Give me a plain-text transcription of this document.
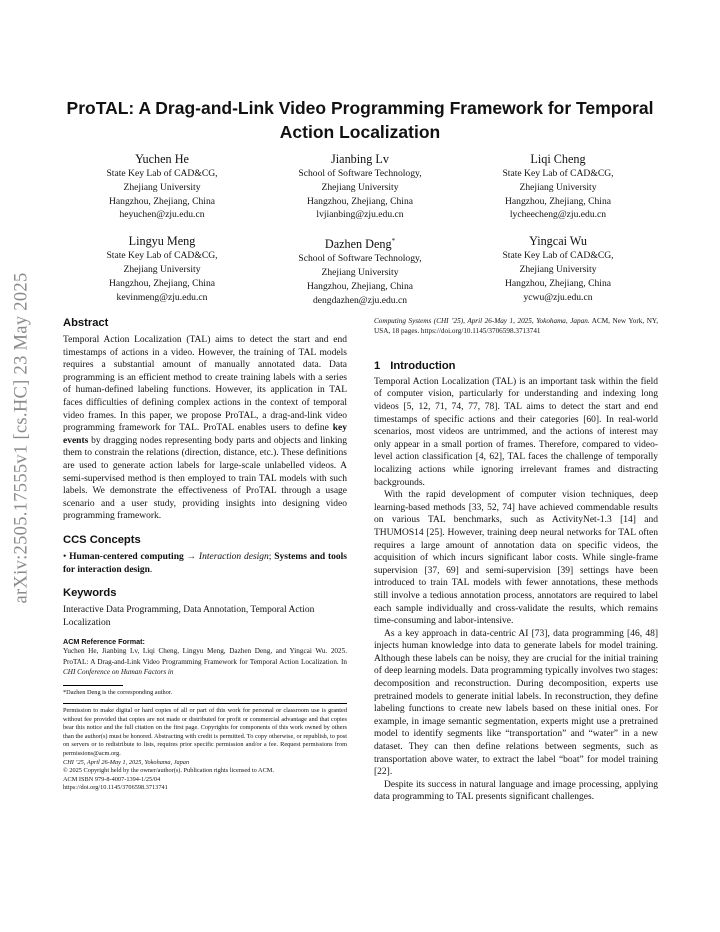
arXiv:2505.17555v1 [cs.HC] 23 May 2025
ProTAL: A Drag-and-Link Video Programming Framework for Temporal Action Localization
Yuchen He
State Key Lab of CAD&CG,
Zhejiang University
Hangzhou, Zhejiang, China
heyuchen@zju.edu.cn
Jianbing Lv
School of Software Technology,
Zhejiang University
Hangzhou, Zhejiang, China
lvjianbing@zju.edu.cn
Liqi Cheng
State Key Lab of CAD&CG,
Zhejiang University
Hangzhou, Zhejiang, China
lycheecheng@zju.edu.cn
Lingyu Meng
State Key Lab of CAD&CG,
Zhejiang University
Hangzhou, Zhejiang, China
kevinmeng@zju.edu.cn
Dazhen Deng*
School of Software Technology,
Zhejiang University
Hangzhou, Zhejiang, China
dengdazhen@zju.edu.cn
Yingcai Wu
State Key Lab of CAD&CG,
Zhejiang University
Hangzhou, Zhejiang, China
ycwu@zju.edu.cn
Abstract

Temporal Action Localization (TAL) aims to detect the start and end timestamps of actions in a video. However, the training of TAL models requires a substantial amount of manually annotated data. Data programming is an efficient method to create training labels with a series of human-defined labeling functions. However, its application in TAL faces difficulties of defining complex actions in the context of temporal video frames. In this paper, we propose ProTAL, a drag-and-link video programming framework for TAL. ProTAL enables users to define key events by dragging nodes representing body parts and objects and linking them to constrain the relations (direction, distance, etc.). These definitions are used to generate action labels for large-scale unlabelled videos. A semi-supervised method is then employed to train TAL models with such labels. We demonstrate the effectiveness of ProTAL through a usage scenario and a user study, providing insights into designing video programming framework.

CCS Concepts

• Human-centered computing → Interaction design; Systems and tools for interaction design.

Keywords

Interactive Data Programming, Data Annotation, Temporal Action Localization

ACM Reference Format:
Yuchen He, Jianbing Lv, Liqi Cheng, Lingyu Meng, Dazhen Deng, and Yingcai Wu. 2025. ProTAL: A Drag-and-Link Video Programming Framework for Temporal Action Localization. In CHI Conference on Human Factors in
*Dazhen Deng is the corresponding author.
Permission to make digital or hard copies of all or part of this work for personal or classroom use is granted without fee provided that copies are not made or distributed for profit or commercial advantage and that copies bear this notice and the full citation on the first page. Copyrights for components of this work owned by others than the author(s) must be honored. Abstracting with credit is permitted. To copy otherwise, or republish, to post on servers or to redistribute to lists, requires prior specific permission and/or a fee. Request permissions from permissions@acm.org.
CHI ’25, April 26-May 1, 2025, Yokohama, Japan
© 2025 Copyright held by the owner/author(s). Publication rights licensed to ACM.
ACM ISBN 979-8-4007-1394-1/25/04
https://doi.org/10.1145/3706598.3713741
Computing Systems (CHI ’25), April 26-May 1, 2025, Yokohama, Japan. ACM, New York, NY, USA, 18 pages. https://doi.org/10.1145/3706598.3713741
1 Introduction

Temporal Action Localization (TAL) is an important task within the field of computer vision, particularly for understanding and indexing long videos [5, 12, 71, 74, 77, 78]. TAL aims to detect the start and end timestamps of specific actions and their categories [60]. In real-world scenarios, most videos are untrimmed, and the actions of interest may only appear in a small portion of frames. Therefore, compared to video-level action classification [4, 62], TAL faces the challenge of temporally localizing actions while ignoring irrelevant frames and distracting backgrounds.

With the rapid development of computer vision techniques, deep learning-based methods [33, 52, 74] have achieved commendable results on various TAL benchmarks, such as ActivityNet-1.3 [14] and THUMOS14 [25]. However, training deep neural networks for TAL often requires a large amount of annotation data on specific videos, the acquisition of which incurs significant labor costs. While single-frame supervision [37, 69] and semi-supervision [39] settings have been introduced to train TAL models with fewer annotations, these methods still involve a tedious annotation process, annotators are required to label each sample individually and cross-validate the results, which remains time-consuming and labor-intensive.

As a key approach in data-centric AI [73], data programming [46, 48] injects human knowledge into data to generate labels for model training. Although these labels can be noisy, they are crucial for the initial training of deep learning models. Data programming typically involves two stages: decomposition and reconstruction. During decomposition, experts use pretrained models to generate initial labels. In reconstruction, they define labeling functions to create new labels based on these initial ones. For example, in image semantic segmentation, experts might use a pretrained model to identify segments like “transportation” and “water” in a new dataset. They can then define relations between segments, such as transportation above water, to extract the label “boat” for model training [22].

Despite its success in natural language and image processing, applying data programming to TAL presents significant challenges.
